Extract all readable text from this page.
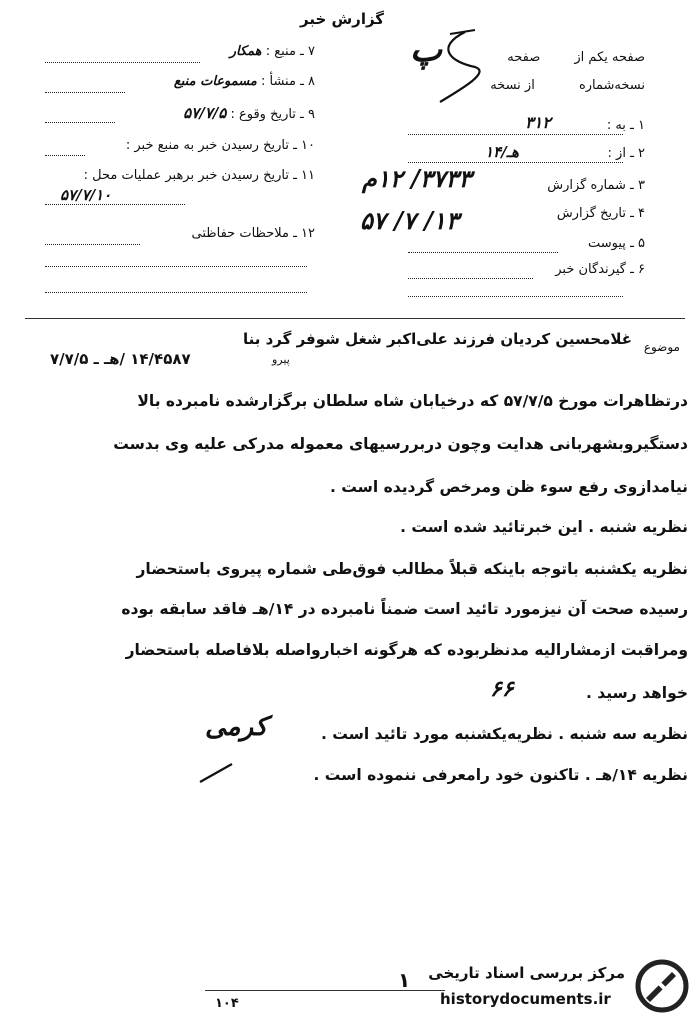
گزارش خبر
۷ ـ منبع : همکار
۸ ـ منشأ : مسموعات منبع
۹ ـ تاریخ وقوع : ۵۷/۷/۵
۱۰ ـ تاریخ رسیدن خبر به منبع خبر :
۱۱ ـ تاریخ رسیدن خبر برهبر عملیات محل :
۵۷/۷/۱۰
۱۲ ـ ملاحظات حفاظتی
صفحه یکم از صفحه
نسخه‌شماره از نسخه
۱ ـ به :
۳۱۲
۲ ـ از :
۱۴/هـ
۳ ـ شماره گزارش
۳۷۳۳/ ۱۲م
۴ ـ تاریخ گزارش
۱۳/ ۷/ ۵۷
۵ ـ پیوست
۶ ـ گیرندگان خبر
موضوع
غلامحسین کردیان فرزند علی‌اکبر شغل شوفر گرد بنا
پیرو
۱۴/۴۵۸۷ /هـ ـ ۷/۷/۵
درتظاهرات مورخ ۵۷/۷/۵ که درخیابان شاه سلطان برگزارشده نامبرده بالا
دستگیروبشهربانی هدایت وچون دربررسیهای معموله مدرکی علیه وی بدست
نیامدازوی رفع سوء ظن ومرخص گردیده است .
نظریه شنبه . این خبرتائید شده است .
نظریه یکشنبه باتوجه باینکه قبلاً مطالب فوق‌طی شماره پیروی باستحضار
رسیده صحت آن نیزمورد تائید است ضمناً نامبرده در ۱۴/هـ فاقد سابقه بوده
ومراقبت ازمشارالیه مدنظربوده که هرگونه اخبارواصله بلافاصله باستحضار
خواهد رسید .
نظریه سه شنبه . نظریه‌یکشنبه مورد تائید است .
نظریه ۱۴/هـ . تاکنون خود رامعرفی ننموده است .
پ
۶۶
کرمی
۱
۱۰۴
مرکز بررسی اسناد تاریخی
historydocuments.ir
